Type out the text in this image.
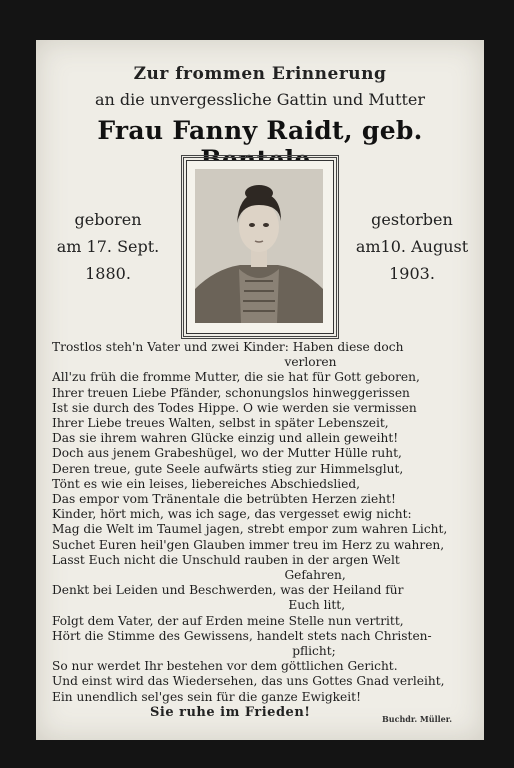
Zur frommen Erinnerung
an die unvergessliche Gattin und Mutter
Frau Fanny Raidt, geb.
geboren
am 17. Sept.
1880.
gestorben
am10. August
1903.
Trostlos steh'n Vater und zwei Kinder: Haben diese doch
verloren
All'zu früh die fromme Mutter, die sie hat für Gott geboren,
Ihrer treuen Liebe Pfänder, schonungslos hinweggerissen
Ist sie durch des Todes Hippe. O wie werden sie vermissen
Ihrer Liebe treues Walten, selbst in später Lebenszeit,
Das sie ihrem wahren Glücke einzig und allein geweiht!
Doch aus jenem Grabeshügel, wo der Mutter Hülle ruht,
Deren treue, gute Seele aufwärts stieg zur Himmelsglut,
Tönt es wie ein leises, liebereiches Abschiedslied,
Das empor vom Tränentale die betrübten Herzen zieht!
Kinder, hört mich, was ich sage, das vergesset ewig nicht:
Mag die Welt im Taumel jagen, strebt empor zum wahren Licht,
Suchet Euren heil'gen Glauben immer treu im Herz zu wahren,
Lasst Euch nicht die Unschuld rauben in der argen Welt
Gefahren,
Denkt bei Leiden und Beschwerden, was der Heiland für
Euch litt,
Folgt dem Vater, der auf Erden meine Stelle nun vertritt,
Hört die Stimme des Gewissens, handelt stets nach Christen-
pflicht;
So nur werdet Ihr bestehen vor dem göttlichen Gericht.
Und einst wird das Wiedersehen, das uns Gottes Gnad verleiht,
Ein unendlich sel'ges sein für die ganze Ewigkeit!
Sie ruhe im Frieden!	Buchdr. Müller.
